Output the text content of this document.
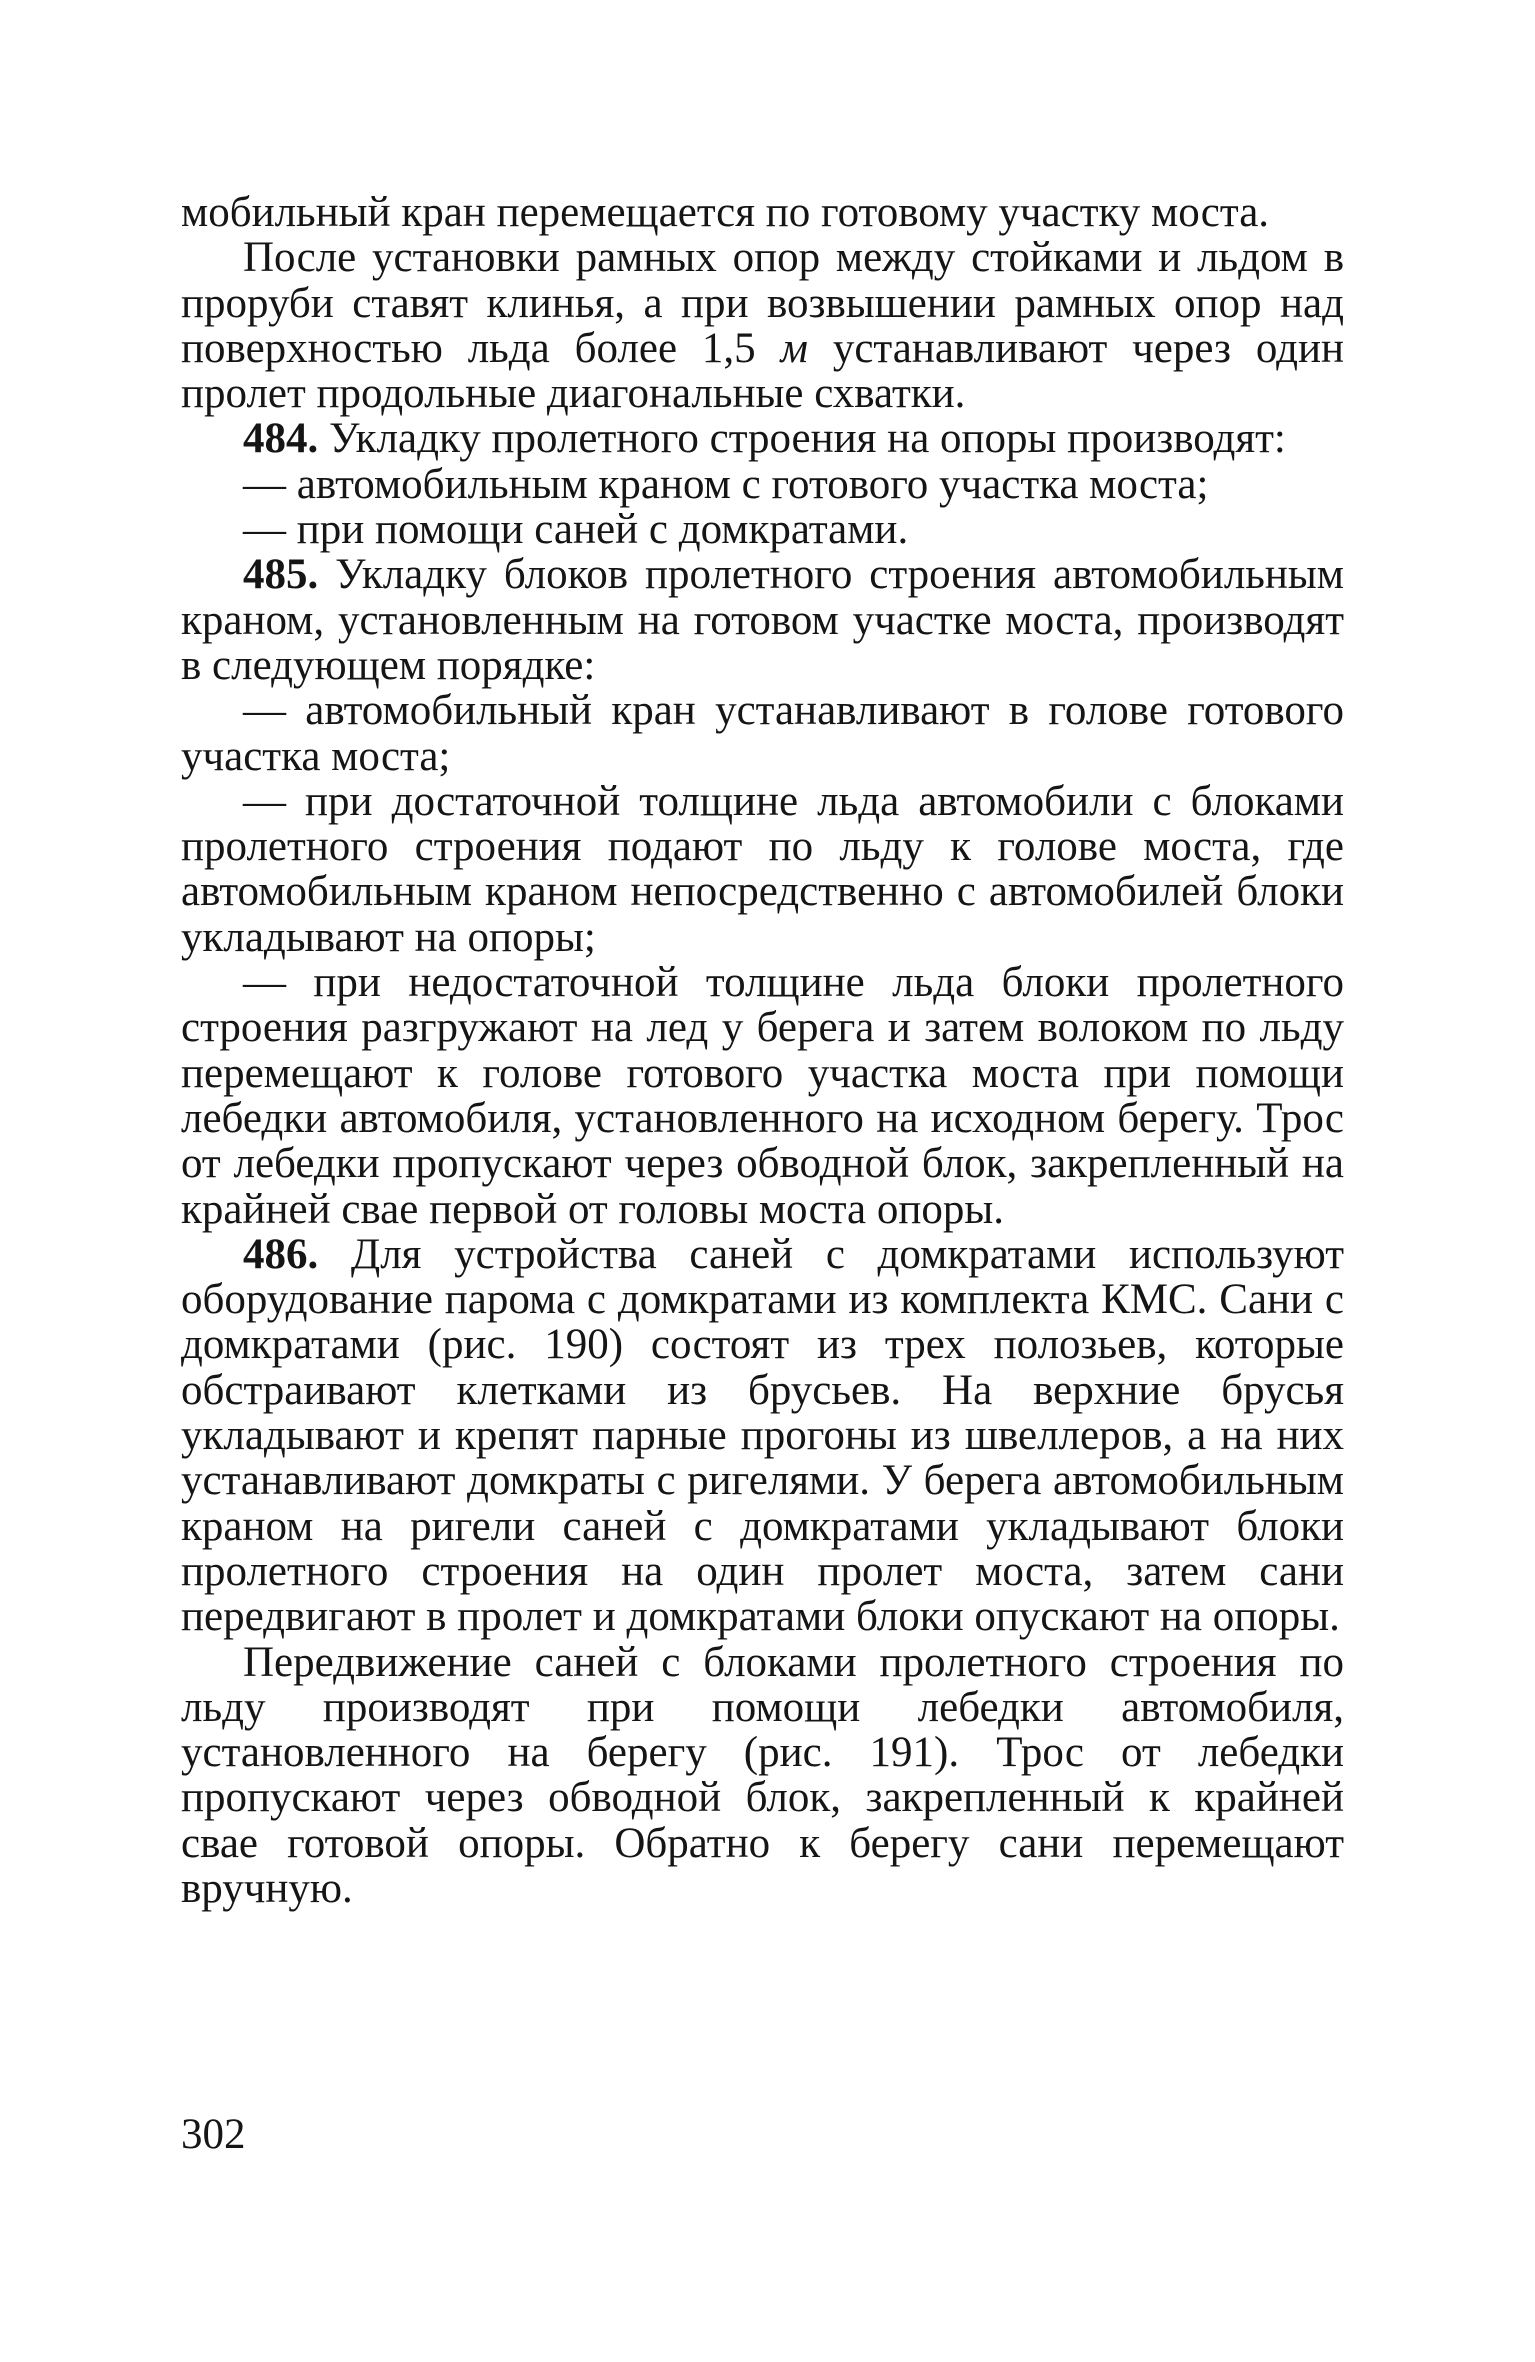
мобильный кран перемещается по готовому участку моста.

После установки рамных опор между стойками и льдом в проруби ставят клинья, а при возвышении рамных опор над поверхностью льда более 1,5 м устанавливают через один пролет продольные диагональные схватки.

484. Укладку пролетного строения на опоры производят:

— автомобильным краном с готового участка моста;

— при помощи саней с домкратами.

485. Укладку блоков пролетного строения автомобильным краном, установленным на готовом участке моста, производят в следующем порядке:

— автомобильный кран устанавливают в голове готового участка моста;

— при достаточной толщине льда автомобили с блоками пролетного строения подают по льду к голове моста, где автомобильным краном непосредственно с автомобилей блоки укладывают на опоры;

— при недостаточной толщине льда блоки пролетного строения разгружают на лед у берега и затем волоком по льду перемещают к голове готового участка моста при помощи лебедки автомобиля, установленного на исходном берегу. Трос от лебедки пропускают через обводной блок, закрепленный на крайней свае первой от головы моста опоры.

486. Для устройства саней с домкратами используют оборудование парома с домкратами из комплекта КМС. Сани с домкратами (рис. 190) состоят из трех полозьев, которые обстраивают клетками из брусьев. На верхние брусья укладывают и крепят парные прогоны из швеллеров, а на них устанавливают домкраты с ригелями. У берега автомобильным краном на ригели саней с домкратами укладывают блоки пролетного строения на один пролет моста, затем сани передвигают в пролет и домкратами блоки опускают на опоры.

Передвижение саней с блоками пролетного строения по льду производят при помощи лебедки автомобиля, установленного на берегу (рис. 191). Трос от лебедки пропускают через обводной блок, закрепленный к крайней свае готовой опоры. Обратно к берегу сани перемещают вручную.

302
